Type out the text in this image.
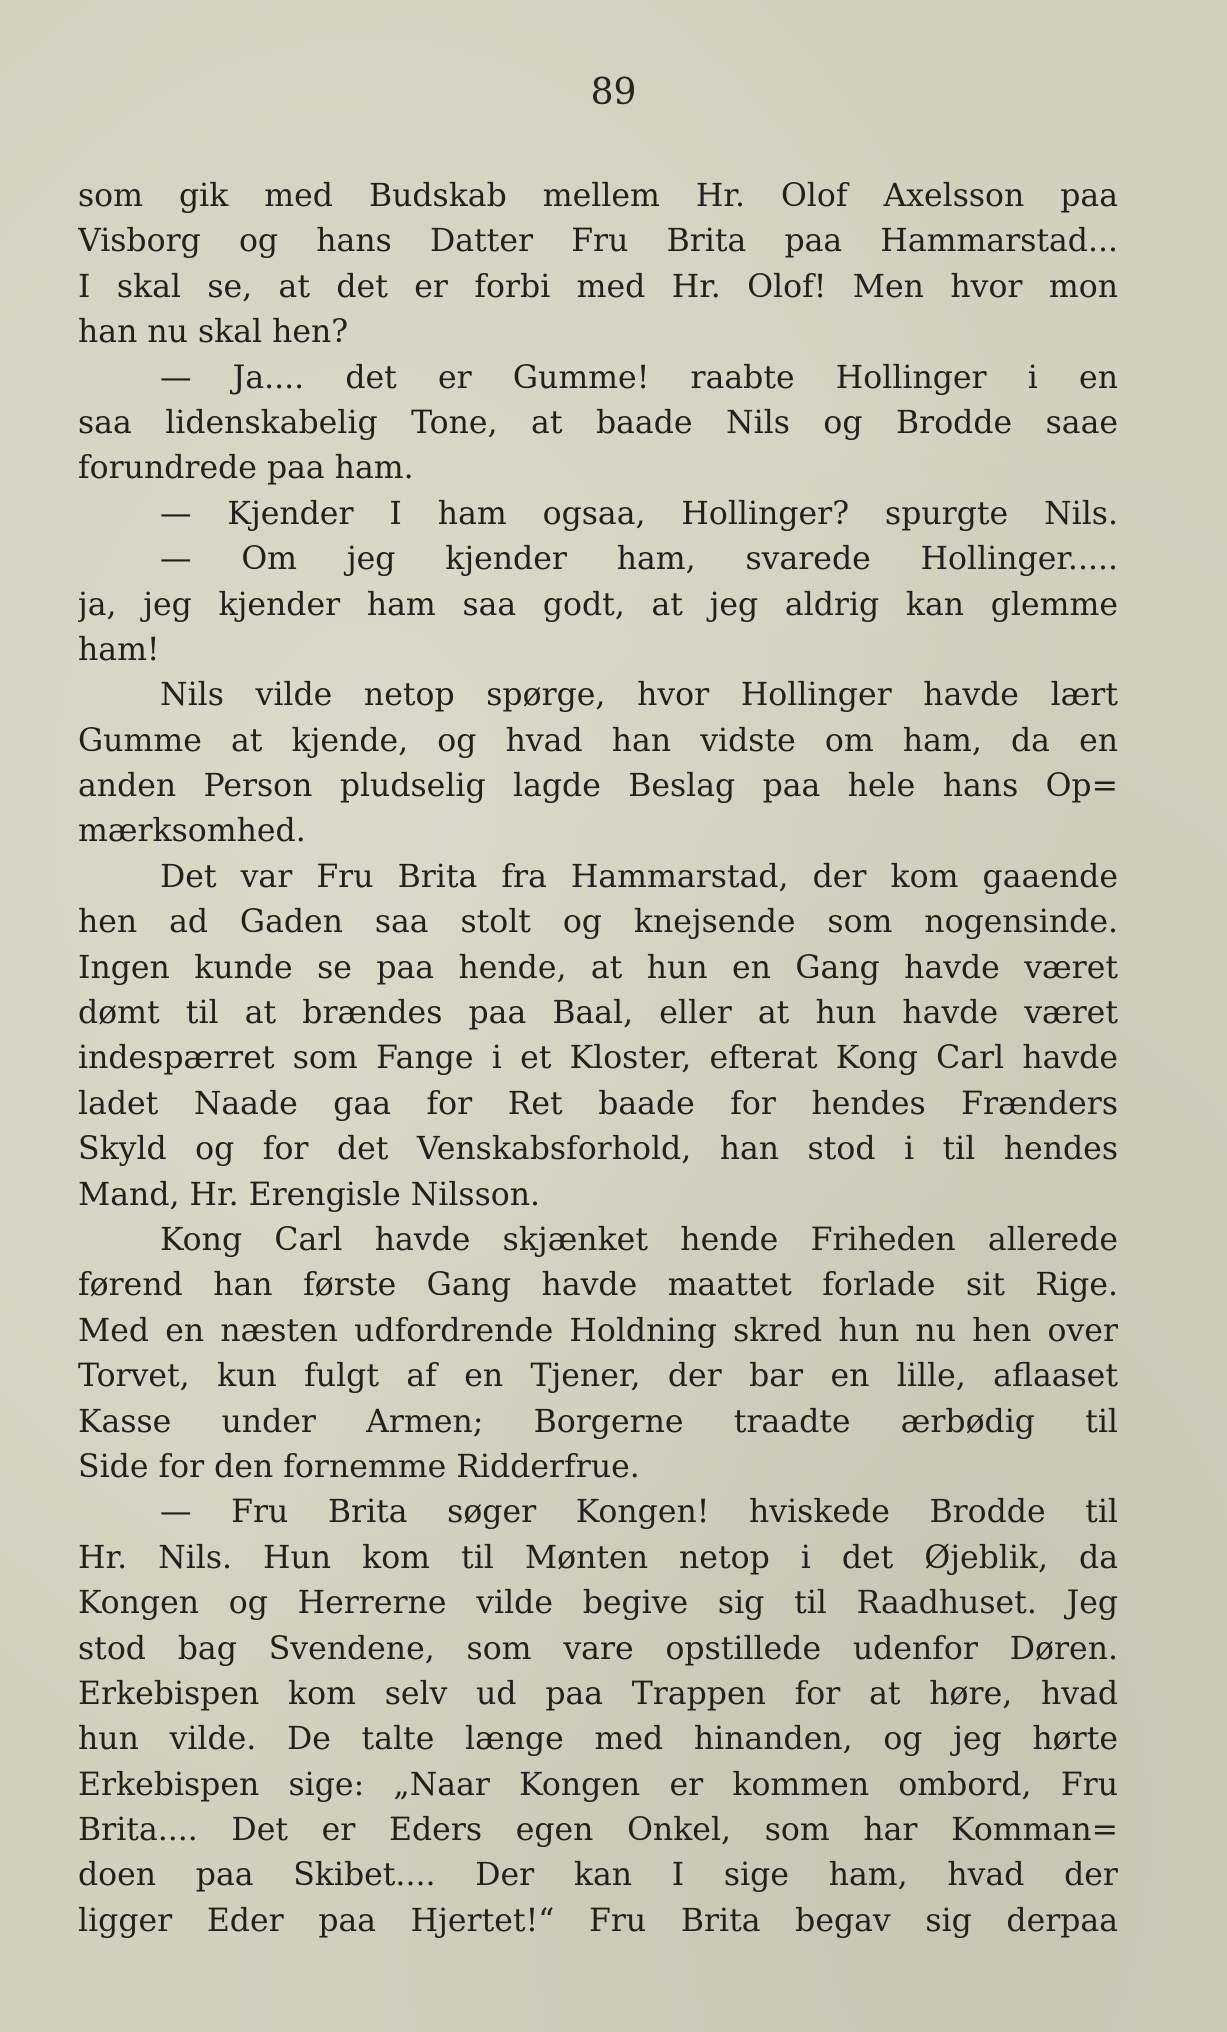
89
som gik med Budskab mellem Hr. Olof Axelsson paa
Visborg og hans Datter Fru Brita paa Hammarstad...
I skal se, at det er forbi med Hr. Olof! Men hvor mon
han nu skal hen?
— Ja.... det er Gumme! raabte Hollinger i en
saa lidenskabelig Tone, at baade Nils og Brodde saae
forundrede paa ham.
— Kjender I ham ogsaa, Hollinger? spurgte Nils.
— Om jeg kjender ham, svarede Hollinger.....
ja, jeg kjender ham saa godt, at jeg aldrig kan glemme
ham!
Nils vilde netop spørge, hvor Hollinger havde lært
Gumme at kjende, og hvad han vidste om ham, da en
anden Person pludselig lagde Beslag paa hele hans Op=
mærksomhed.
Det var Fru Brita fra Hammarstad, der kom gaaende
hen ad Gaden saa stolt og knejsende som nogensinde.
Ingen kunde se paa hende, at hun en Gang havde været
dømt til at brændes paa Baal, eller at hun havde været
indespærret som Fange i et Kloster, efterat Kong Carl havde
ladet Naade gaa for Ret baade for hendes Frænders
Skyld og for det Venskabsforhold, han stod i til hendes
Mand, Hr. Erengisle Nilsson.
Kong Carl havde skjænket hende Friheden allerede
førend han første Gang havde maattet forlade sit Rige.
Med en næsten udfordrende Holdning skred hun nu hen over
Torvet, kun fulgt af en Tjener, der bar en lille, aflaaset
Kasse under Armen; Borgerne traadte ærbødig til
Side for den fornemme Ridderfrue.
— Fru Brita søger Kongen! hviskede Brodde til
Hr. Nils. Hun kom til Mønten netop i det Øjeblik, da
Kongen og Herrerne vilde begive sig til Raadhuset. Jeg
stod bag Svendene, som vare opstillede udenfor Døren.
Erkebispen kom selv ud paa Trappen for at høre, hvad
hun vilde. De talte længe med hinanden, og jeg hørte
Erkebispen sige: „Naar Kongen er kommen ombord, Fru
Brita.... Det er Eders egen Onkel, som har Komman=
doen paa Skibet.... Der kan I sige ham, hvad der
ligger Eder paa Hjertet!“ Fru Brita begav sig derpaa
